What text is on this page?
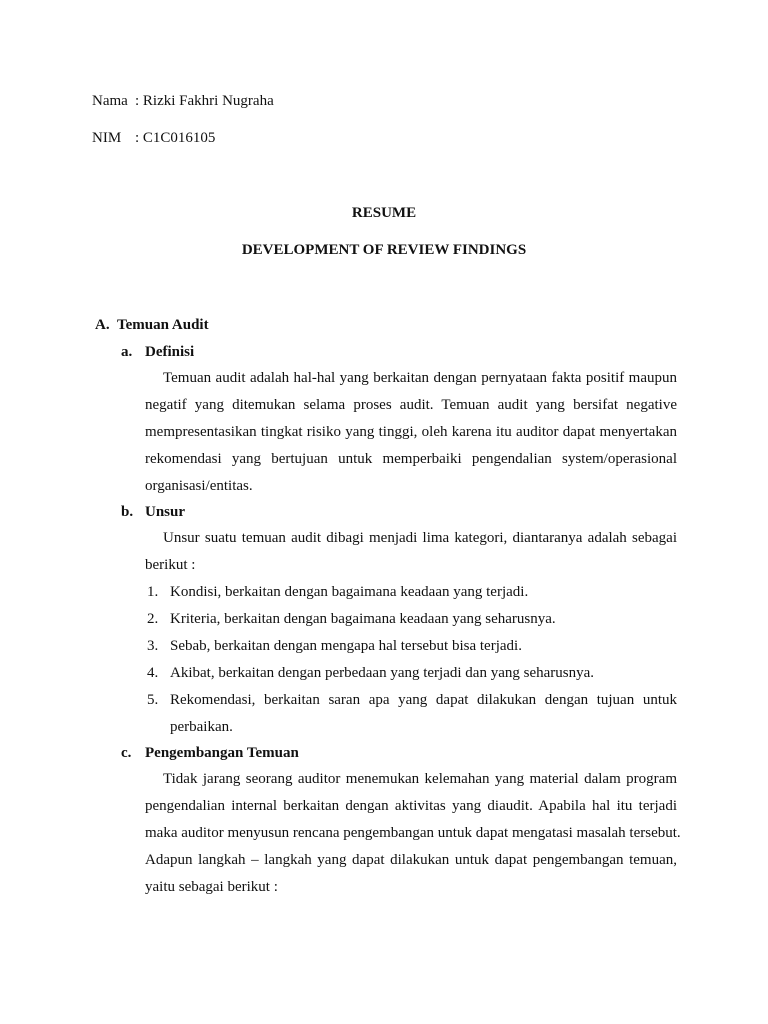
Nama : Rizki Fakhri Nugraha
NIM : C1C016105
RESUME
DEVELOPMENT OF REVIEW FINDINGS
A. Temuan Audit
a. Definisi
Temuan audit adalah hal-hal yang berkaitan dengan pernyataan fakta positif maupun
negatif yang ditemukan selama proses audit. Temuan audit yang bersifat negative
mempresentasikan tingkat risiko yang tinggi, oleh karena itu auditor dapat menyertakan
rekomendasi yang bertujuan untuk memperbaiki pengendalian system/operasional
organisasi/entitas.
b. Unsur
Unsur suatu temuan audit dibagi menjadi lima kategori, diantaranya adalah sebagai
berikut :
1. Kondisi, berkaitan dengan bagaimana keadaan yang terjadi.
2. Kriteria, berkaitan dengan bagaimana keadaan yang seharusnya.
3. Sebab, berkaitan dengan mengapa hal tersebut bisa terjadi.
4. Akibat, berkaitan dengan perbedaan yang terjadi dan yang seharusnya.
5. Rekomendasi, berkaitan saran apa yang dapat dilakukan dengan tujuan untuk
perbaikan.
c. Pengembangan Temuan
Tidak jarang seorang auditor menemukan kelemahan yang material dalam program
pengendalian internal berkaitan dengan aktivitas yang diaudit. Apabila hal itu terjadi
maka auditor menyusun rencana pengembangan untuk dapat mengatasi masalah tersebut.
Adapun langkah – langkah yang dapat dilakukan untuk dapat pengembangan temuan,
yaitu sebagai berikut :
